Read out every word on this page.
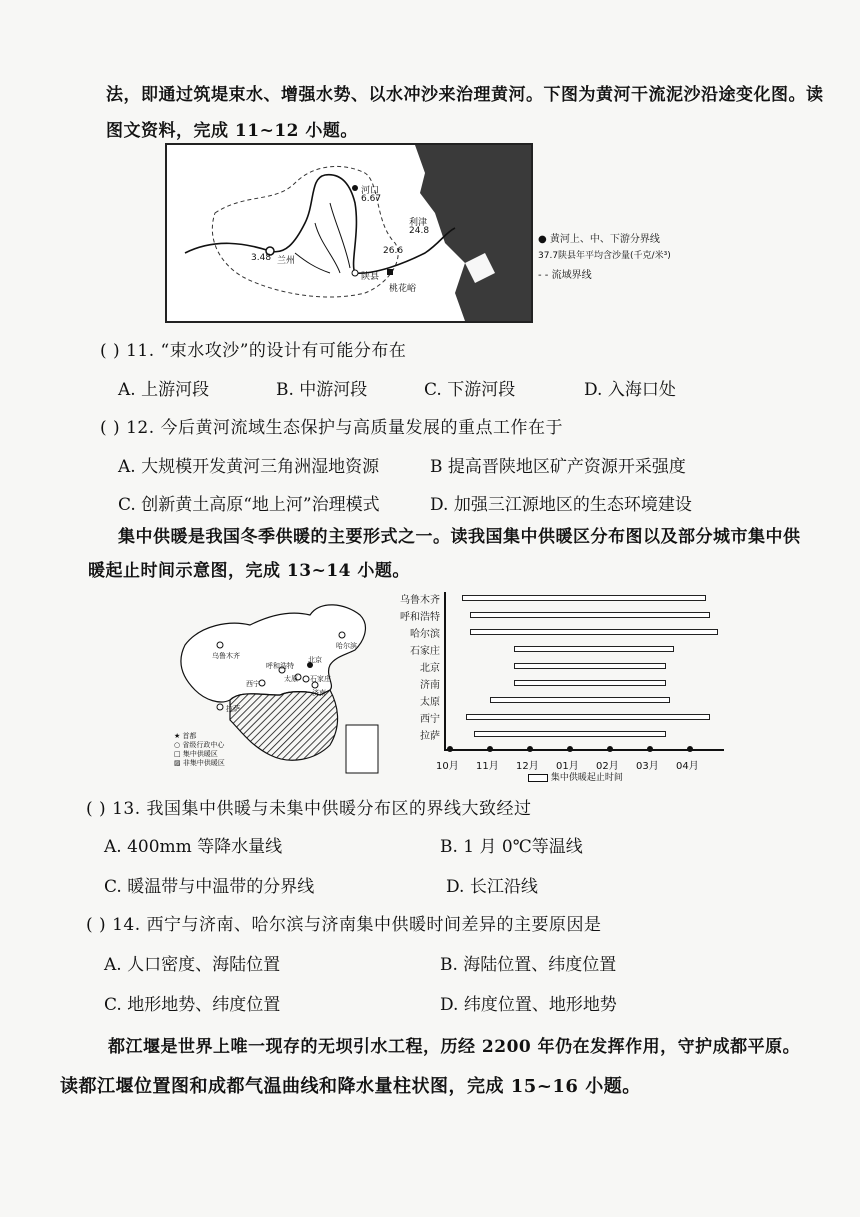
法，即通过筑堤束水、增强水势、以水冲沙来治理黄河。下图为黄河干流泥沙沿途变化图。读
图文资料，完成 11~12 小题。
河口
6.67
利津
24.8
26.6
3.48 兰州
陕县
桃花峪
● 黄河上、中、下游分界线
37.7陕县年平均含沙量(千克/米³)
- - 流域界线
( ) 11. “束水攻沙”的设计有可能分布在
A. 上游河段	B. 中游河段	C. 下游河段	D. 入海口处
( ) 12. 今后黄河流域生态保护与高质量发展的重点工作在于
A. 大规模开发黄河三角洲湿地资源	B 提高晋陕地区矿产资源开采强度
C. 创新黄土高原“地上河”治理模式	D. 加强三江源地区的生态环境建设
集中供暖是我国冬季供暖的主要形式之一。读我国集中供暖区分布图以及部分城市集中供
暖起止时间示意图，完成 13~14 小题。
乌鲁木齐
哈尔滨
呼和浩特
北京
太原 石家庄
西宁
济南
拉萨
★ 首都
○ 省级行政中心
□ 集中供暖区
▨ 非集中供暖区
乌鲁木齐
呼和浩特
哈尔滨
石家庄
北京
济南
太原
西宁
拉萨
10月 11月 12月 01月 02月 03月 04月
集中供暖起止时间
( ) 13. 我国集中供暖与未集中供暖分布区的界线大致经过
A. 400mm 等降水量线	B. 1 月 0℃等温线
C. 暖温带与中温带的分界线	D. 长江沿线
( ) 14. 西宁与济南、哈尔滨与济南集中供暖时间差异的主要原因是
A. 人口密度、海陆位置	B. 海陆位置、纬度位置
C. 地形地势、纬度位置	D. 纬度位置、地形地势
都江堰是世界上唯一现存的无坝引水工程，历经 2200 年仍在发挥作用，守护成都平原。
读都江堰位置图和成都气温曲线和降水量柱状图，完成 15~16 小题。
